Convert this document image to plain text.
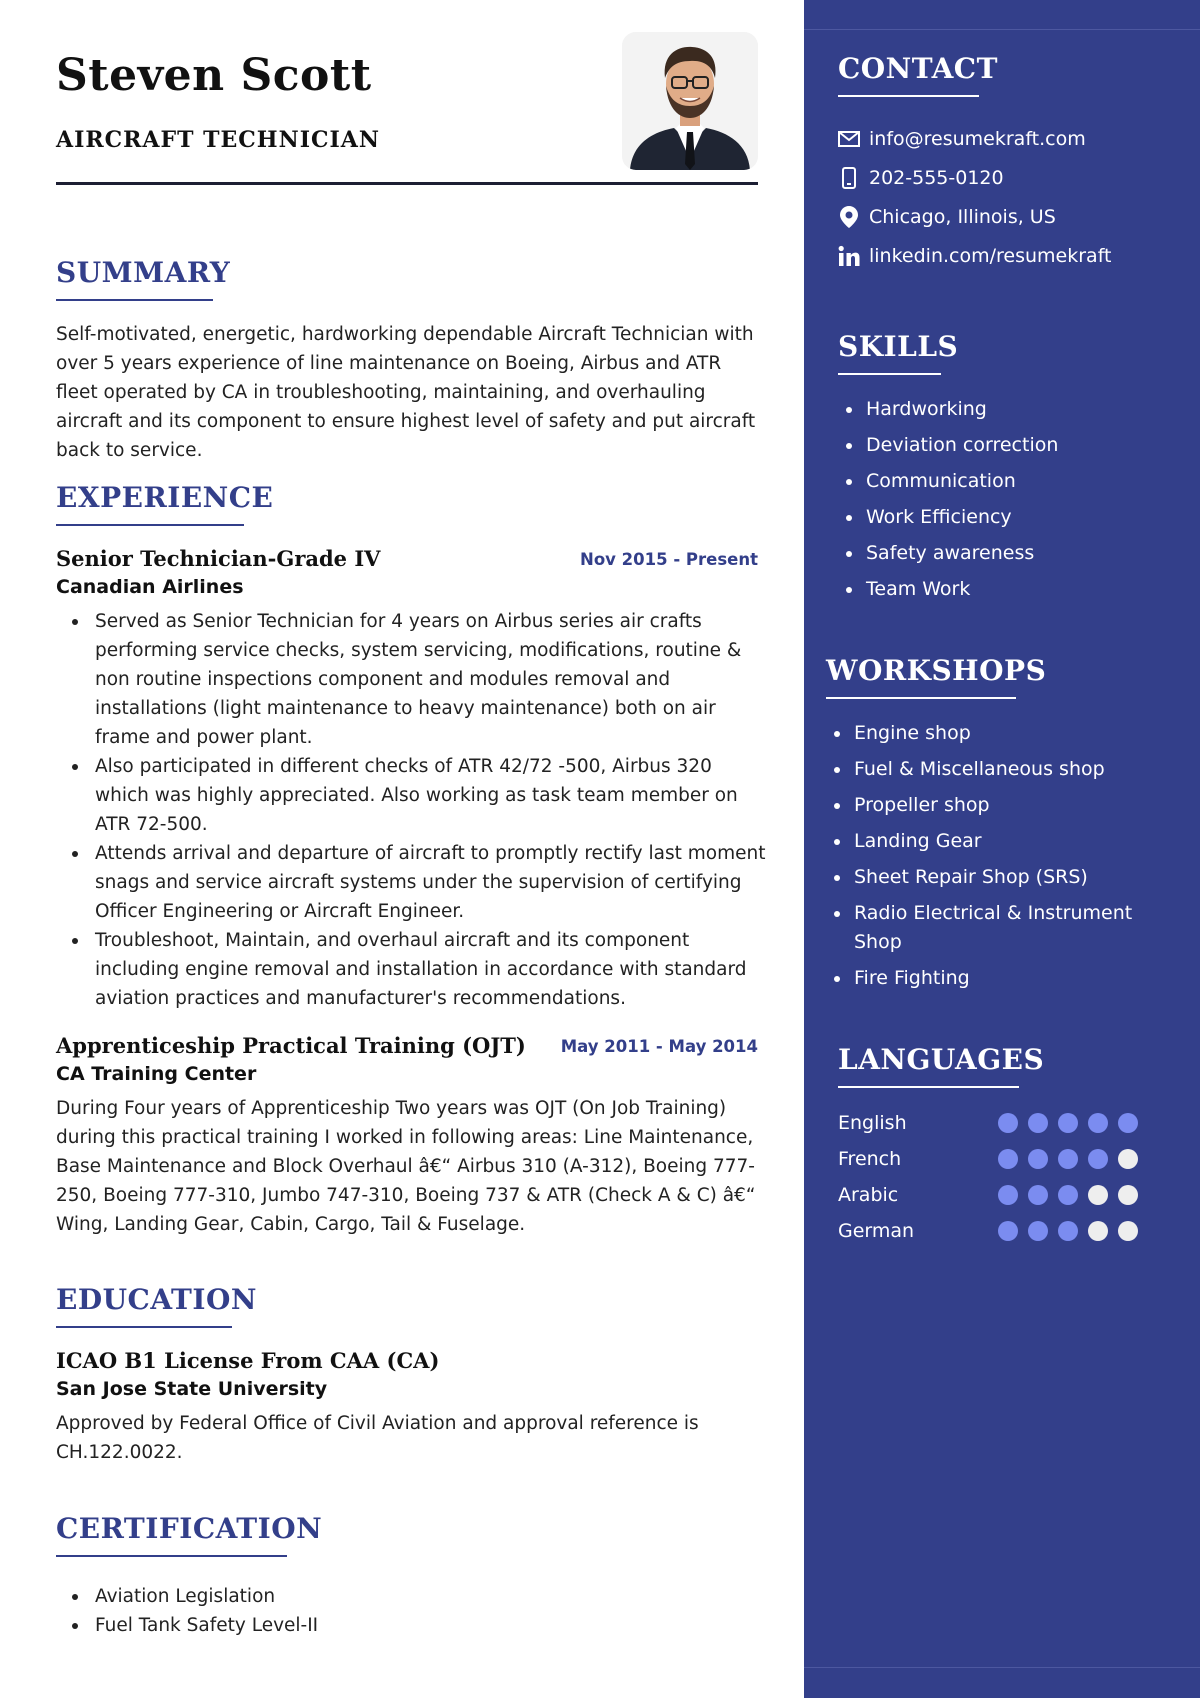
Steven Scott
AIRCRAFT TECHNICIAN
SUMMARY
Self-motivated, energetic, hardworking dependable Aircraft Technician with over 5 years experience of line maintenance on Boeing, Airbus and ATR fleet operated by CA in troubleshooting, maintaining, and overhauling aircraft and its component to ensure highest level of safety and put aircraft back to service.
EXPERIENCE
Senior Technician-Grade IV	Nov 2015 - Present
Canadian Airlines
Served as Senior Technician for 4 years on Airbus series air crafts performing service checks, system servicing, modifications, routine & non routine inspections component and modules removal and installations (light maintenance to heavy maintenance) both on air frame and power plant.
Also participated in different checks of ATR 42/72 -500, Airbus 320 which was highly appreciated. Also working as task team member on ATR 72-500.
Attends arrival and departure of aircraft to promptly rectify last moment snags and service aircraft systems under the supervision of certifying Officer Engineering or Aircraft Engineer.
Troubleshoot, Maintain, and overhaul aircraft and its component including engine removal and installation in accordance with standard aviation practices and manufacturer's recommendations.
Apprenticeship Practical Training (OJT) May 2011 - May 2014
CA Training Center
During Four years of Apprenticeship Two years was OJT (On Job Training) during this practical training I worked in following areas: Line Maintenance, Base Maintenance and Block Overhaul â€“ Airbus 310 (A-312), Boeing 777-250, Boeing 777-310, Jumbo 747-310, Boeing 737 & ATR (Check A & C) â€“ Wing, Landing Gear, Cabin, Cargo, Tail & Fuselage.
EDUCATION
ICAO B1 License From CAA (CA)
San Jose State University
Approved by Federal Office of Civil Aviation and approval reference is CH.122.0022.
CERTIFICATION
Aviation Legislation
Fuel Tank Safety Level-II
CONTACT
info@resumekraft.com
202-555-0120
Chicago, Illinois, US
linkedin.com/resumekraft
SKILLS
Hardworking
Deviation correction
Communication
Work Efficiency
Safety awareness
Team Work
WORKSHOPS
Engine shop
Fuel & Miscellaneous shop
Propeller shop
Landing Gear
Sheet Repair Shop (SRS)
Radio Electrical & Instrument Shop
Fire Fighting
LANGUAGES
English
French
Arabic
German
